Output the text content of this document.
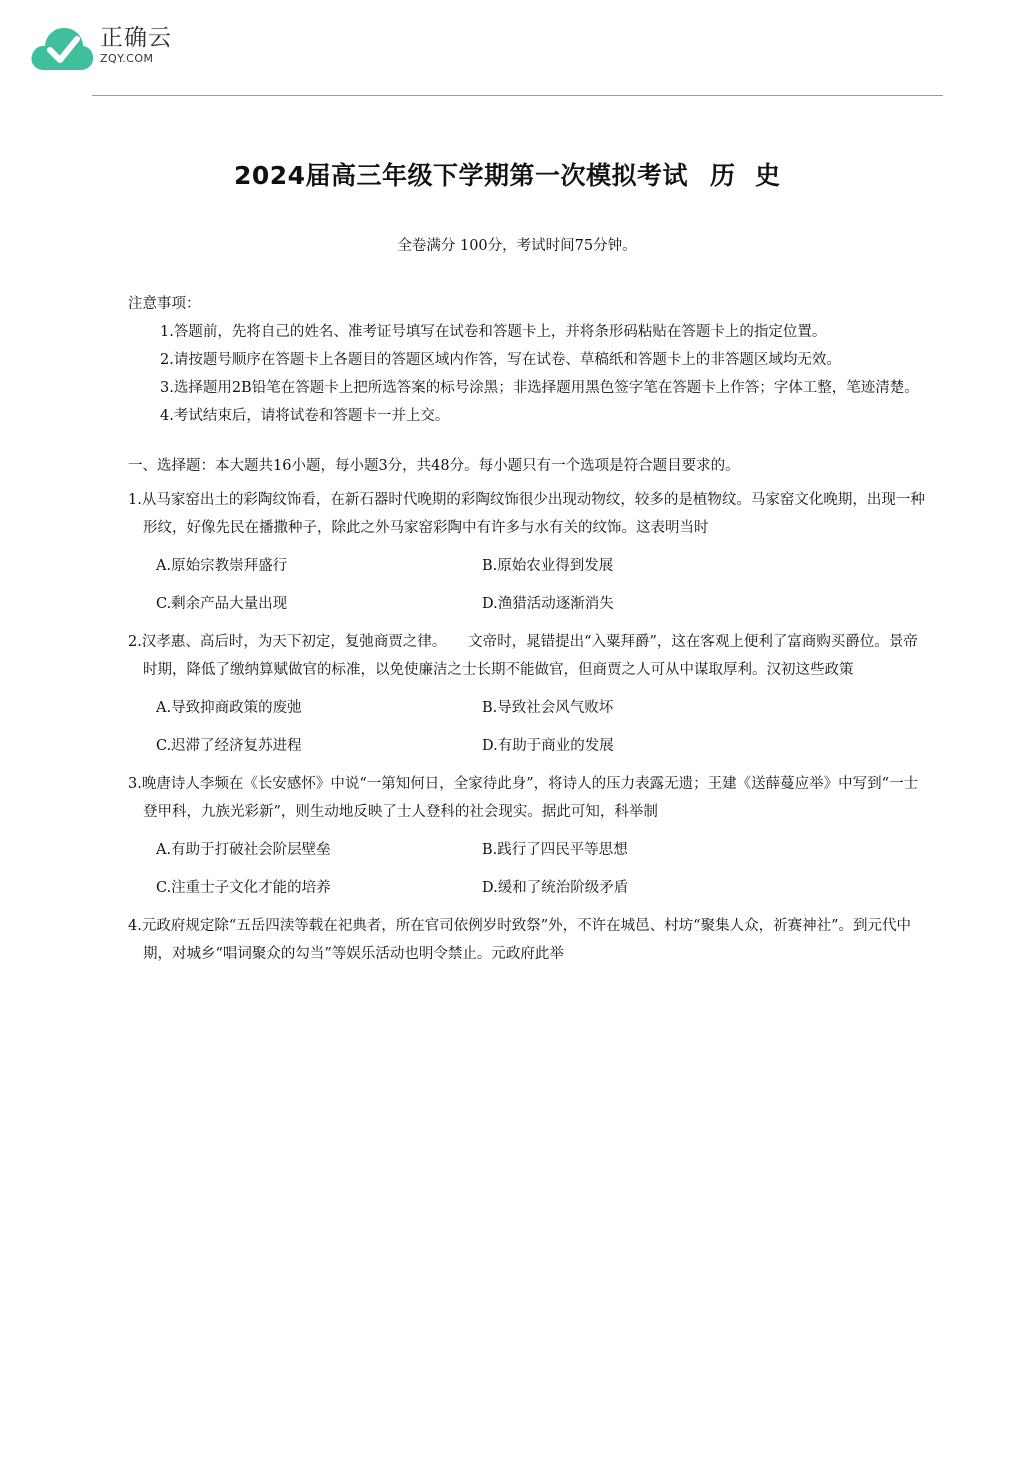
正确云
ZQY.COM
2024届高三年级下学期第一次模拟考试 历史
全卷满分 100分，考试时间75分钟。

注意事项：

1.答题前，先将自己的姓名、准考证号填写在试卷和答题卡上，并将条形码粘贴在答题卡上的指定位置。

2.请按题号顺序在答题卡上各题目的答题区域内作答，写在试卷、草稿纸和答题卡上的非答题区域均无效。

3.选择题用2B铅笔在答题卡上把所选答案的标号涂黑；非选择题用黑色签字笔在答题卡上作答；字体工整，笔迹清楚。

4.考试结束后，请将试卷和答题卡一并上交。

一、选择题：本大题共16小题，每小题3分，共48分。每小题只有一个选项是符合题目要求的。

1.从马家窑出土的彩陶纹饰看，在新石器时代晚期的彩陶纹饰很少出现动物纹，较多的是植物纹。马家窑文化晚期，出现一种形纹，好像先民在播撒种子，除此之外马家窑彩陶中有许多与水有关的纹饰。这表明当时

A.原始宗教崇拜盛行	B.原始农业得到发展
C.剩余产品大量出现	D.渔猎活动逐渐消失

2.汉孝惠、高后时，为天下初定，复弛商贾之律。　　文帝时，晁错提出“入粟拜爵”，这在客观上便利了富商购买爵位。景帝时期，降低了缴纳算赋做官的标准，以免使廉洁之士长期不能做官，但商贾之人可从中谋取厚利。汉初这些政策

A.导致抑商政策的废弛	B.导致社会风气败坏
C.迟滞了经济复苏进程	D.有助于商业的发展

3.晚唐诗人李频在《长安感怀》中说“一第知何日，全家待此身”，将诗人的压力表露无遗；王建《送薛蔓应举》中写到“一士登甲科，九族光彩新”，则生动地反映了士人登科的社会现实。据此可知，科举制

A.有助于打破社会阶层壁垒	B.践行了四民平等思想
C.注重士子文化才能的培养	D.缓和了统治阶级矛盾

4.元政府规定除“五岳四渎等载在祀典者，所在官司依例岁时致祭”外，不许在城邑、村坊“聚集人众，祈赛神社”。到元代中期，对城乡“唱词聚众的勾当”等娱乐活动也明令禁止。元政府此举
